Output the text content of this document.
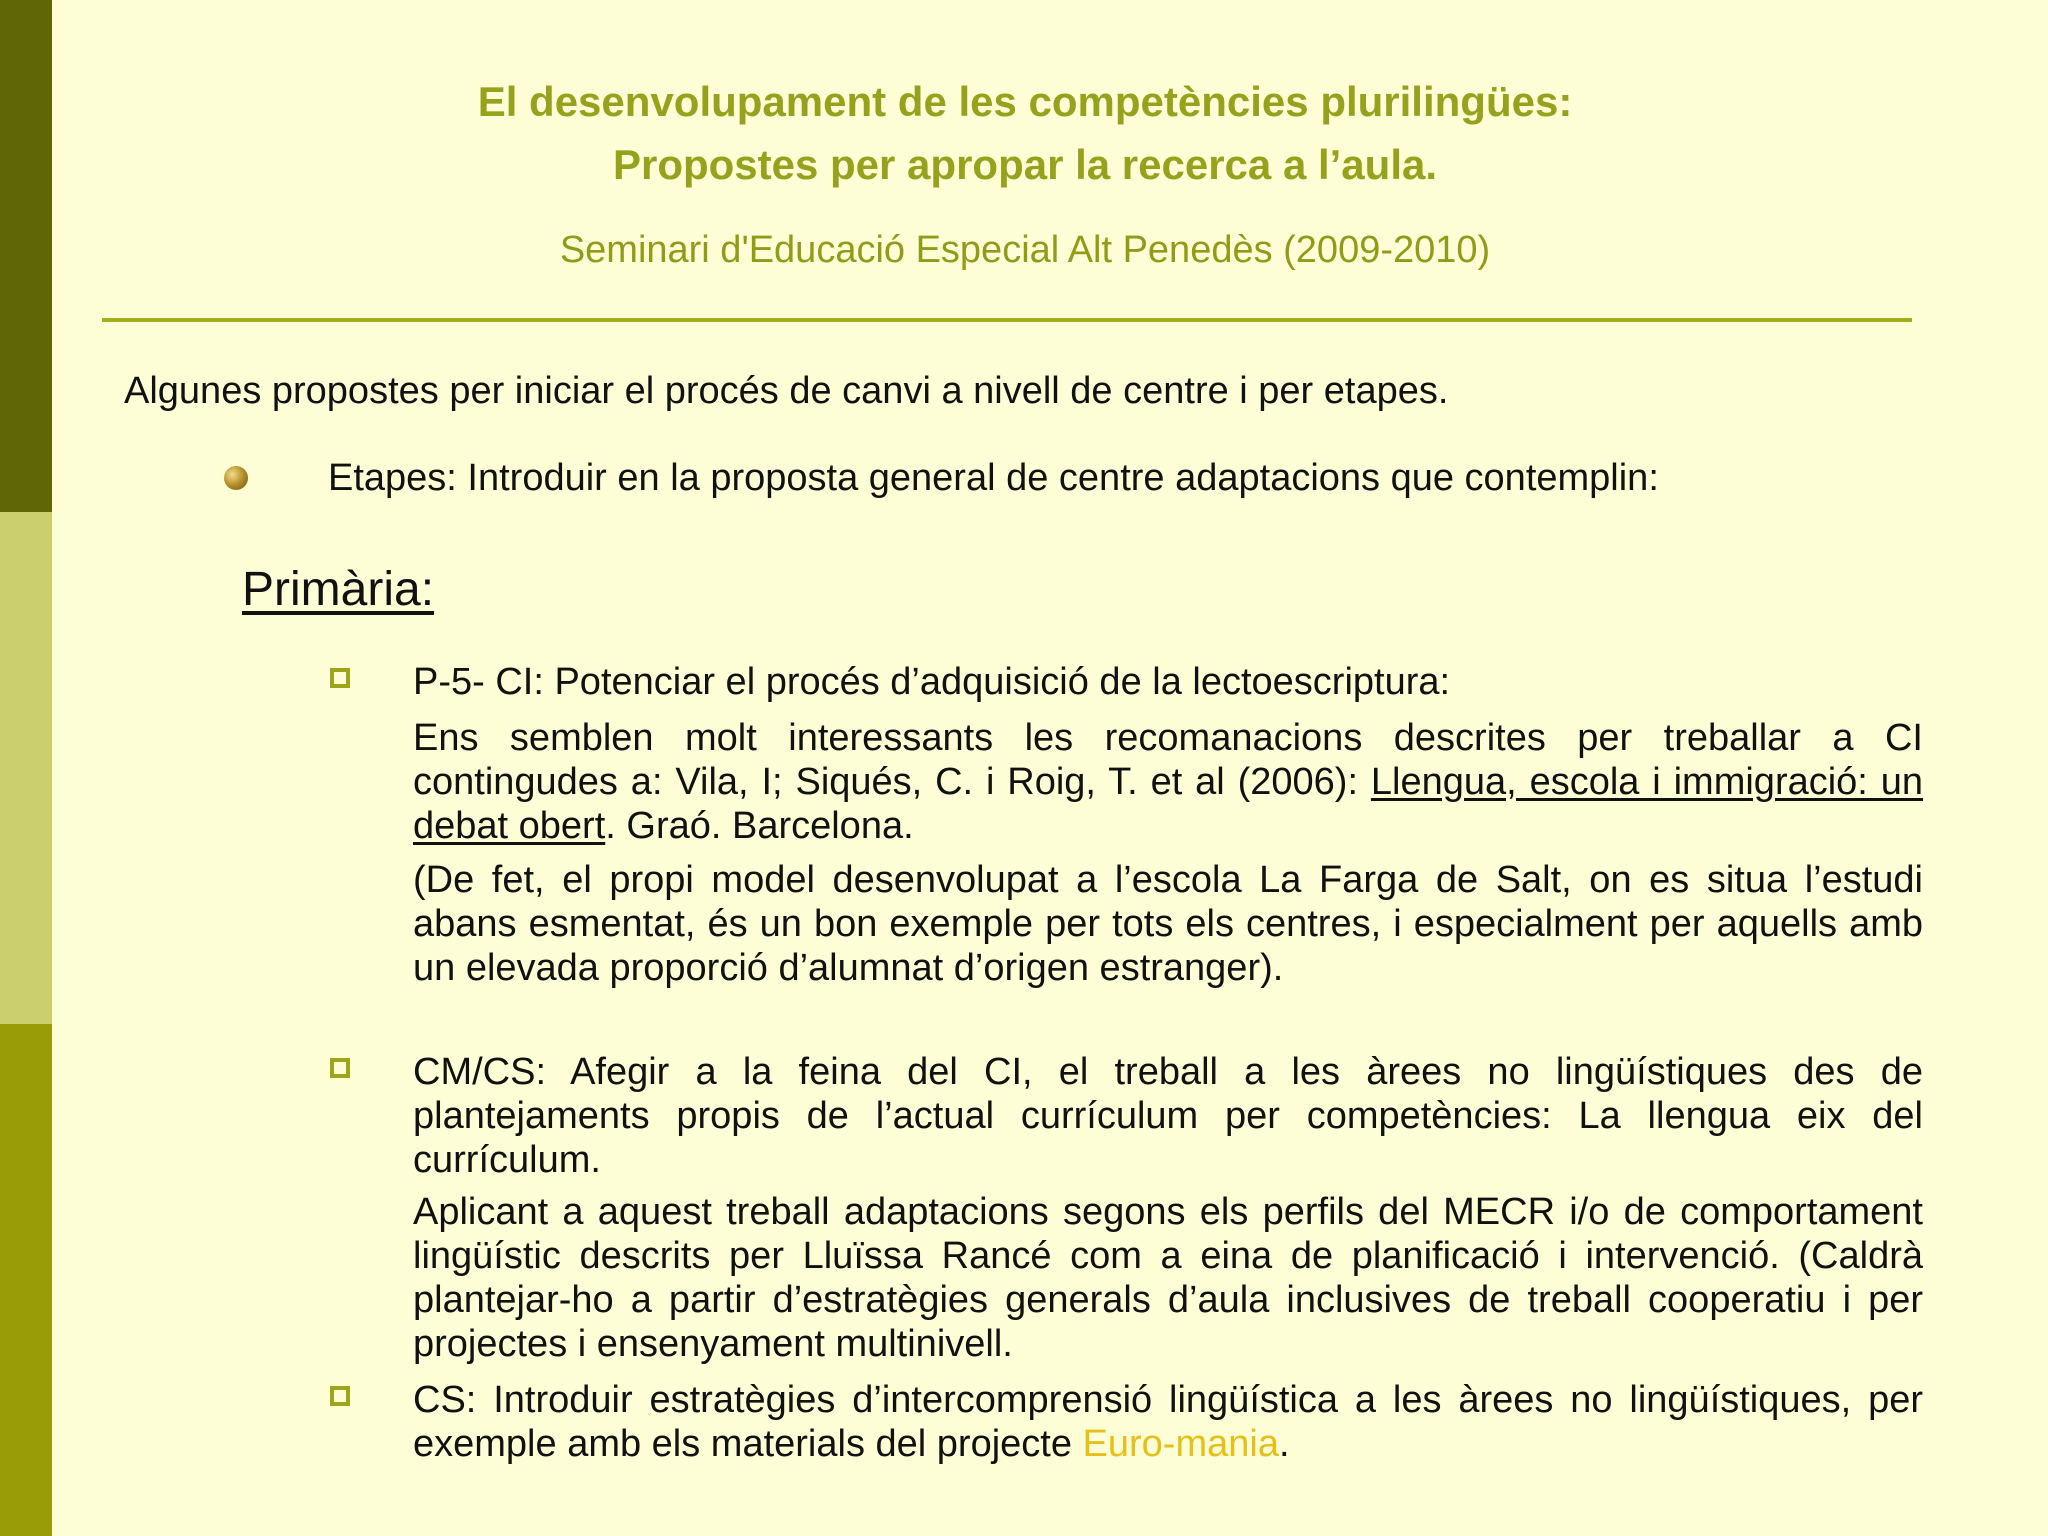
El desenvolupament de les competències plurilingües:
Propostes per apropar la recerca a l’aula.
Seminari d'Educació Especial Alt Penedès (2009-2010)
Algunes propostes per iniciar el procés de canvi a nivell de centre i per etapes.
Etapes: Introduir en la proposta general de centre adaptacions que contemplin:
Primària:
P-5- CI: Potenciar el procés d’adquisició de la lectoescriptura:
Ens semblen molt interessants les recomanacions descrites per treballar a CI contingudes a: Vila, I; Siqués, C. i Roig, T. et al (2006): Llengua, escola i immigració: un debat obert. Graó. Barcelona.
(De fet, el propi model desenvolupat a l’escola La Farga de Salt, on es situa l’estudi abans esmentat, és un bon exemple per tots els centres, i especialment per aquells amb un elevada proporció d’alumnat d’origen estranger).
CM/CS: Afegir a la feina del CI, el treball a les àrees no lingüístiques des de plantejaments propis de l’actual currículum per competències: La llengua eix del currículum.
Aplicant a aquest treball adaptacions segons els perfils del MECR i/o de comportament lingüístic descrits per Lluïssa Rancé com a eina de planificació i intervenció. (Caldrà plantejar-ho a partir d’estratègies generals d’aula inclusives de treball cooperatiu i per projectes i ensenyament multinivell.
CS: Introduir estratègies d’intercomprensió lingüística a les àrees no lingüístiques, per exemple amb els materials del projecte Euro-mania.
